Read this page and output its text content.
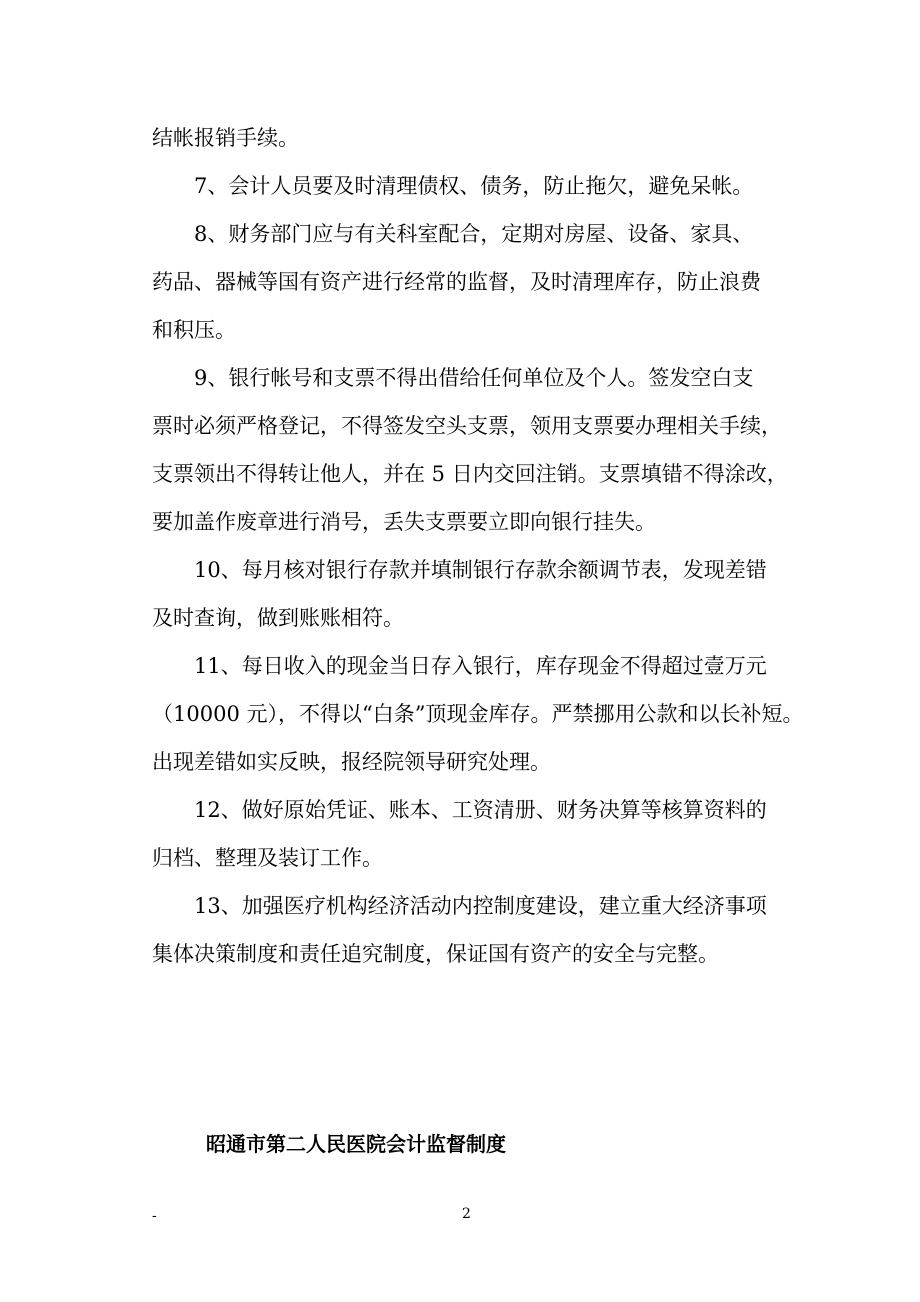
结帐报销手续。
7、会计人员要及时清理债权、债务，防止拖欠，避免呆帐。
8、财务部门应与有关科室配合，定期对房屋、设备、家具、
药品、器械等国有资产进行经常的监督，及时清理库存，防止浪费
和积压。
9、银行帐号和支票不得出借给任何单位及个人。签发空白支
票时必须严格登记，不得签发空头支票，领用支票要办理相关手续，
支票领出不得转让他人，并在 5 日内交回注销。支票填错不得涂改，
要加盖作废章进行消号，丢失支票要立即向银行挂失。
10、每月核对银行存款并填制银行存款余额调节表，发现差错
及时查询，做到账账相符。
11、每日收入的现金当日存入银行，库存现金不得超过壹万元
（10000 元），不得以“白条”顶现金库存。严禁挪用公款和以长补短。
出现差错如实反映，报经院领导研究处理。
12、做好原始凭证、账本、工资清册、财务决算等核算资料的
归档、整理及装订工作。
13、加强医疗机构经济活动内控制度建设，建立重大经济事项
集体决策制度和责任追究制度，保证国有资产的安全与完整。
昭通市第二人民医院会计监督制度
-	2
